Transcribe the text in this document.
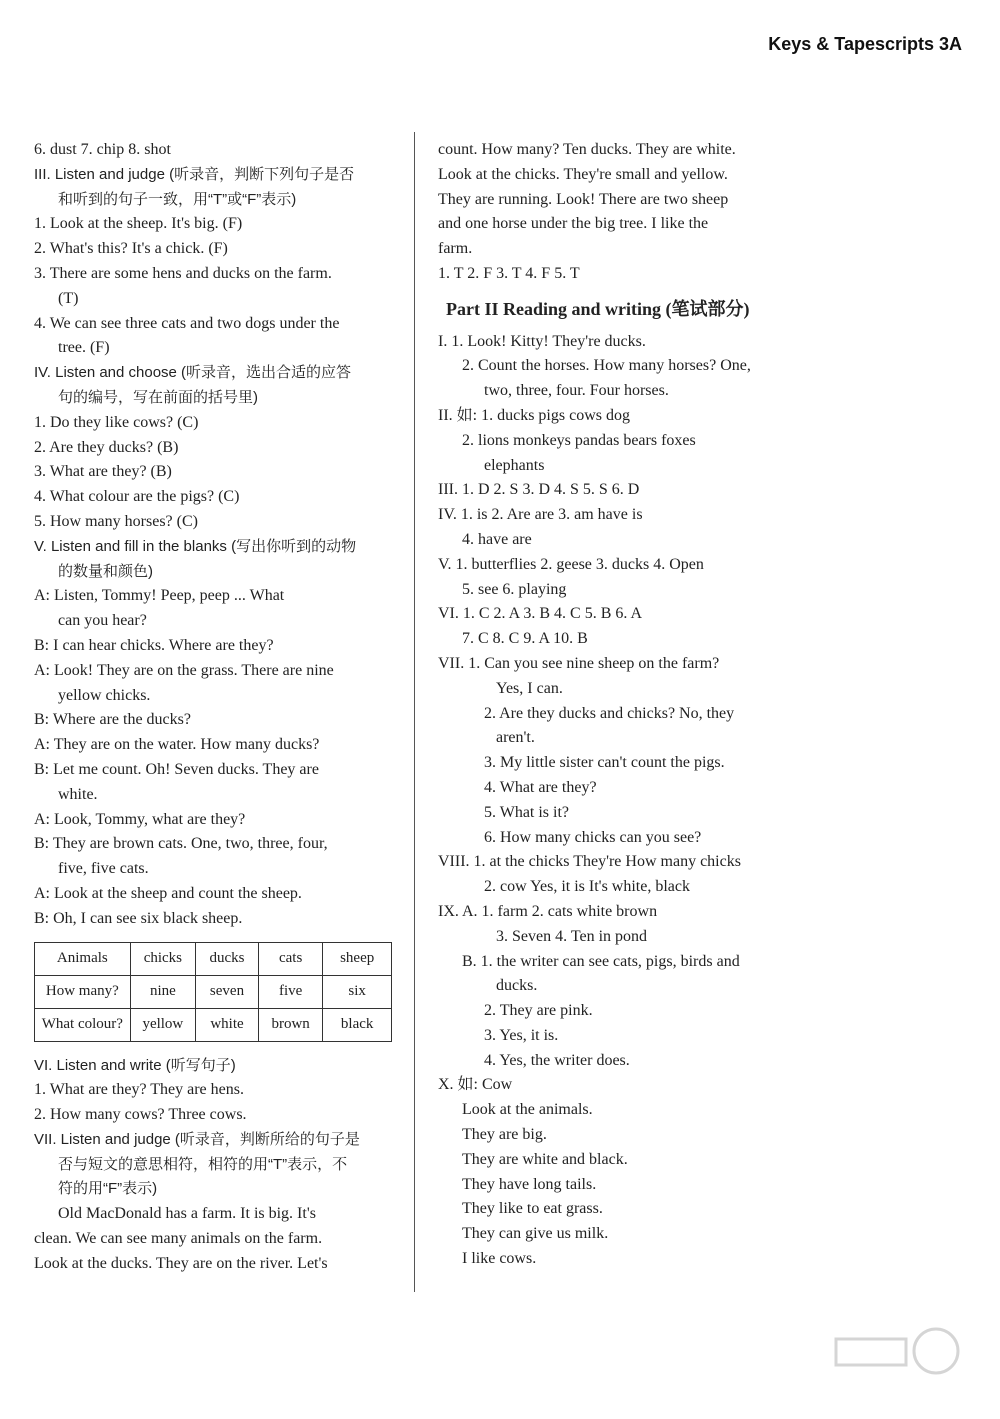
Keys & Tapescripts 3A
6. dust 7. chip 8. shot
III. Listen and judge (听录音，判断下列句子是否
和听到的句子一致，用“T”或“F”表示)
1. Look at the sheep. It's big. (F)
2. What's this? It's a chick. (F)
3. There are some hens and ducks on the farm.
(T)
4. We can see three cats and two dogs under the
tree. (F)
IV. Listen and choose (听录音，选出合适的应答
句的编号，写在前面的括号里)
1. Do they like cows? (C)
2. Are they ducks? (B)
3. What are they? (B)
4. What colour are the pigs? (C)
5. How many horses? (C)
V. Listen and fill in the blanks (写出你听到的动物
的数量和颜色)
A: Listen, Tommy! Peep, peep ... What
can you hear?
B: I can hear chicks. Where are they?
A: Look! They are on the grass. There are nine
yellow chicks.
B: Where are the ducks?
A: They are on the water. How many ducks?
B: Let me count. Oh! Seven ducks. They are
white.
A: Look, Tommy, what are they?
B: They are brown cats. One, two, three, four,
five, five cats.
A: Look at the sheep and count the sheep.
B: Oh, I can see six black sheep.
Animals	chicks	ducks	cats	sheep
How many?	nine	seven	five	six
What colour?	yellow	white	brown	black
VI. Listen and write (听写句子)
1. What are they? They are hens.
2. How many cows? Three cows.
VII. Listen and judge (听录音，判断所给的句子是
否与短文的意思相符，相符的用“T”表示，不
符的用“F”表示)
Old MacDonald has a farm. It is big. It's
clean. We can see many animals on the farm.
Look at the ducks. They are on the river. Let's
count. How many? Ten ducks. They are white.
Look at the chicks. They're small and yellow.
They are running. Look! There are two sheep
and one horse under the big tree. I like the
farm.
1. T 2. F 3. T 4. F 5. T
Part II Reading and writing (笔试部分)
I. 1. Look! Kitty! They're ducks.
2. Count the horses. How many horses? One,
two, three, four. Four horses.
II. 如: 1. ducks pigs cows dog
2. lions monkeys pandas bears foxes
elephants
III. 1. D 2. S 3. D 4. S 5. S 6. D
IV. 1. is 2. Are are 3. am have is
4. have are
V. 1. butterflies 2. geese 3. ducks 4. Open
5. see 6. playing
VI. 1. C 2. A 3. B 4. C 5. B 6. A
7. C 8. C 9. A 10. B
VII. 1. Can you see nine sheep on the farm?
Yes, I can.
2. Are they ducks and chicks? No, they
aren't.
3. My little sister can't count the pigs.
4. What are they?
5. What is it?
6. How many chicks can you see?
VIII. 1. at the chicks They're How many chicks
2. cow Yes, it is It's white, black
IX. A. 1. farm 2. cats white brown
3. Seven 4. Ten in pond
B. 1. the writer can see cats, pigs, birds and
ducks.
2. They are pink.
3. Yes, it is.
4. Yes, the writer does.
X. 如: Cow
Look at the animals.
They are big.
They are white and black.
They have long tails.
They like to eat grass.
They can give us milk.
I like cows.
